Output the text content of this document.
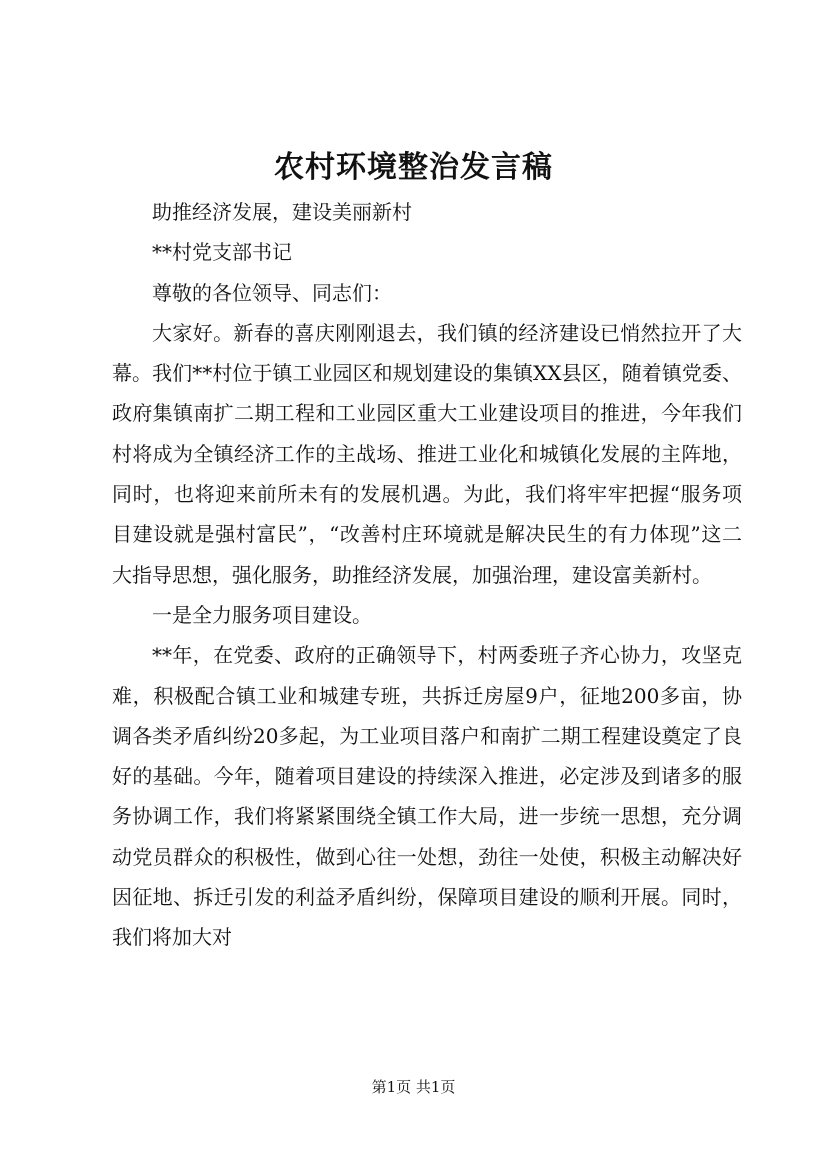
农村环境整治发言稿

助推经济发展，建设美丽新村

**村党支部书记

尊敬的各位领导、同志们：

大家好。新春的喜庆刚刚退去，我们镇的经济建设已悄然拉开了大幕。我们**村位于镇工业园区和规划建设的集镇XX县区，随着镇党委、政府集镇南扩二期工程和工业园区重大工业建设项目的推进，今年我们村将成为全镇经济工作的主战场、推进工业化和城镇化发展的主阵地，同时，也将迎来前所未有的发展机遇。为此，我们将牢牢把握“服务项目建设就是强村富民”，“改善村庄环境就是解决民生的有力体现”这二大指导思想，强化服务，助推经济发展，加强治理，建设富美新村。

一是全力服务项目建设。

**年，在党委、政府的正确领导下，村两委班子齐心协力，攻坚克难，积极配合镇工业和城建专班，共拆迁房屋9户，征地200多亩，协调各类矛盾纠纷20多起，为工业项目落户和南扩二期工程建设奠定了良好的基础。今年，随着项目建设的持续深入推进，必定涉及到诸多的服务协调工作，我们将紧紧围绕全镇工作大局，进一步统一思想，充分调动党员群众的积极性，做到心往一处想，劲往一处使，积极主动解决好因征地、拆迁引发的利益矛盾纠纷，保障项目建设的顺利开展。同时，我们将加大对

第1页 共1页
